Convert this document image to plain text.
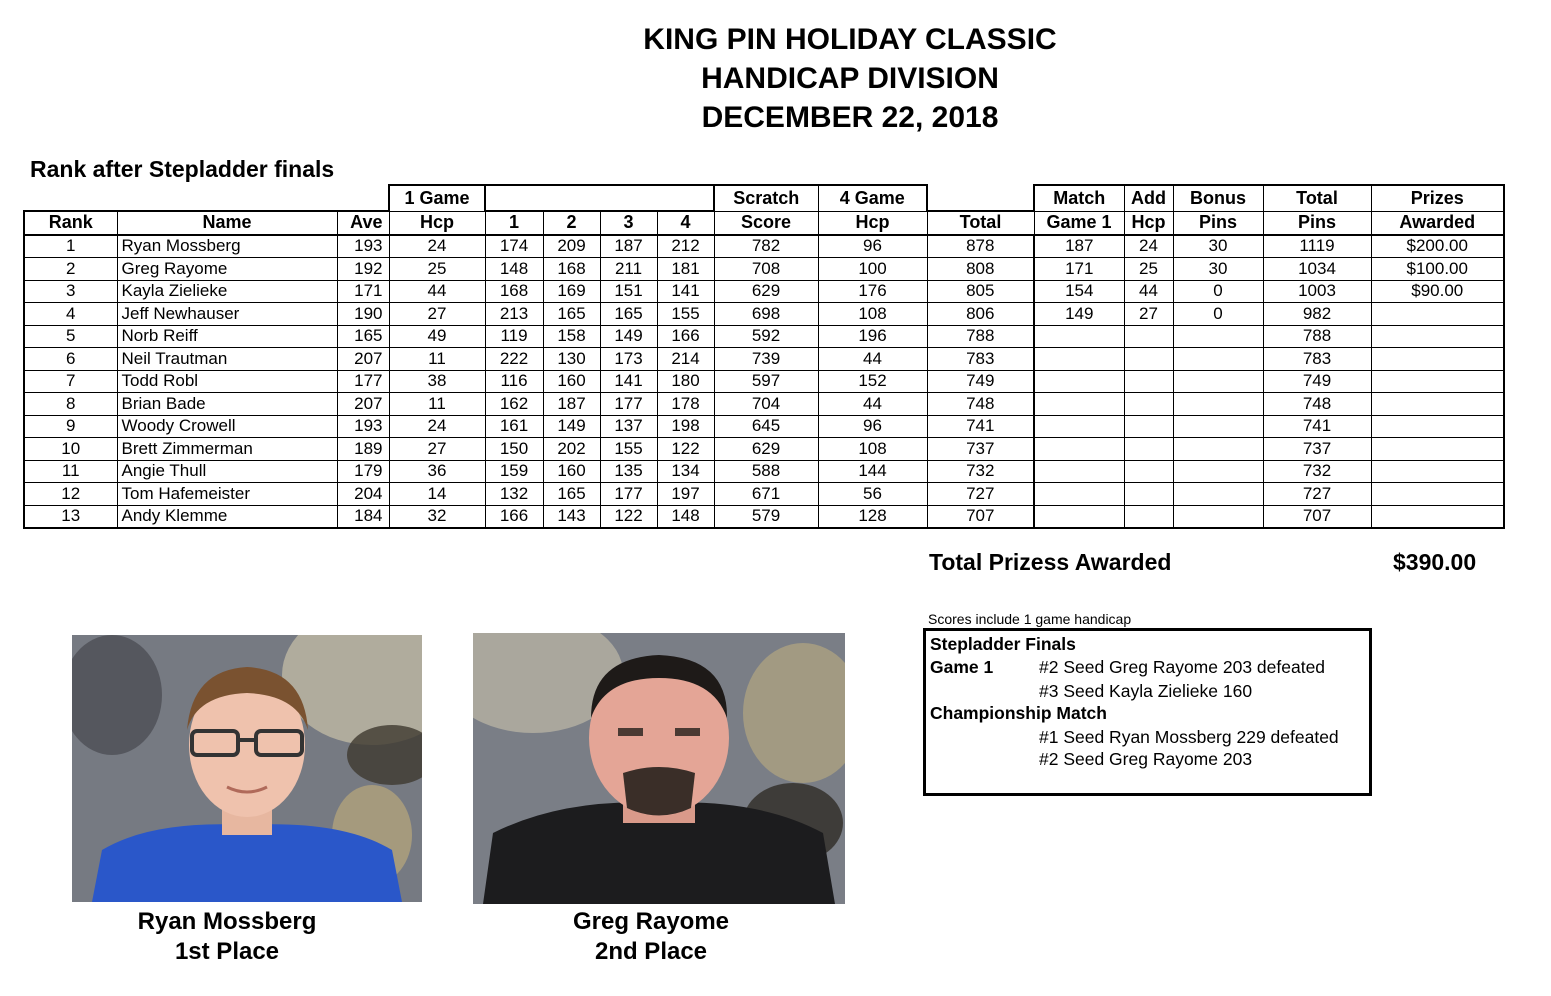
KING PIN HOLIDAY CLASSIC
HANDICAP DIVISION
DECEMBER 22, 2018
Rank after Stepladder finals
			1 Game					Scratch	4 Game		Match	Add	Bonus	Total	Prizes
Rank	Name	Ave	Hcp	1	2	3	4	Score	Hcp	Total	Game 1	Hcp	Pins	Pins	Awarded
1	Ryan Mossberg	193	24	174	209	187	212	782	96	878	187	24	30	1119	$200.00
2	Greg Rayome	192	25	148	168	211	181	708	100	808	171	25	30	1034	$100.00
3	Kayla Zielieke	171	44	168	169	151	141	629	176	805	154	44	0	1003	$90.00
4	Jeff Newhauser	190	27	213	165	165	155	698	108	806	149	27	0	982	
5	Norb Reiff	165	49	119	158	149	166	592	196	788				788	
6	Neil Trautman	207	11	222	130	173	214	739	44	783				783	
7	Todd Robl	177	38	116	160	141	180	597	152	749				749	
8	Brian Bade	207	11	162	187	177	178	704	44	748				748	
9	Woody Crowell	193	24	161	149	137	198	645	96	741				741	
10	Brett Zimmerman	189	27	150	202	155	122	629	108	737				737	
11	Angie Thull	179	36	159	160	135	134	588	144	732				732	
12	Tom Hafemeister	204	14	132	165	177	197	671	56	727				727	
13	Andy Klemme	184	32	166	143	122	148	579	128	707				707	
Total Prizess Awarded	$390.00
Scores include 1 game handicap
Stepladder Finals
Game 1	#2 Seed Greg Rayome 203 defeated
#3 Seed Kayla Zielieke 160
Championship Match
#1 Seed Ryan Mossberg 229 defeated
#2 Seed Greg Rayome 203
Ryan Mossberg
1st Place
Greg Rayome
2nd Place
